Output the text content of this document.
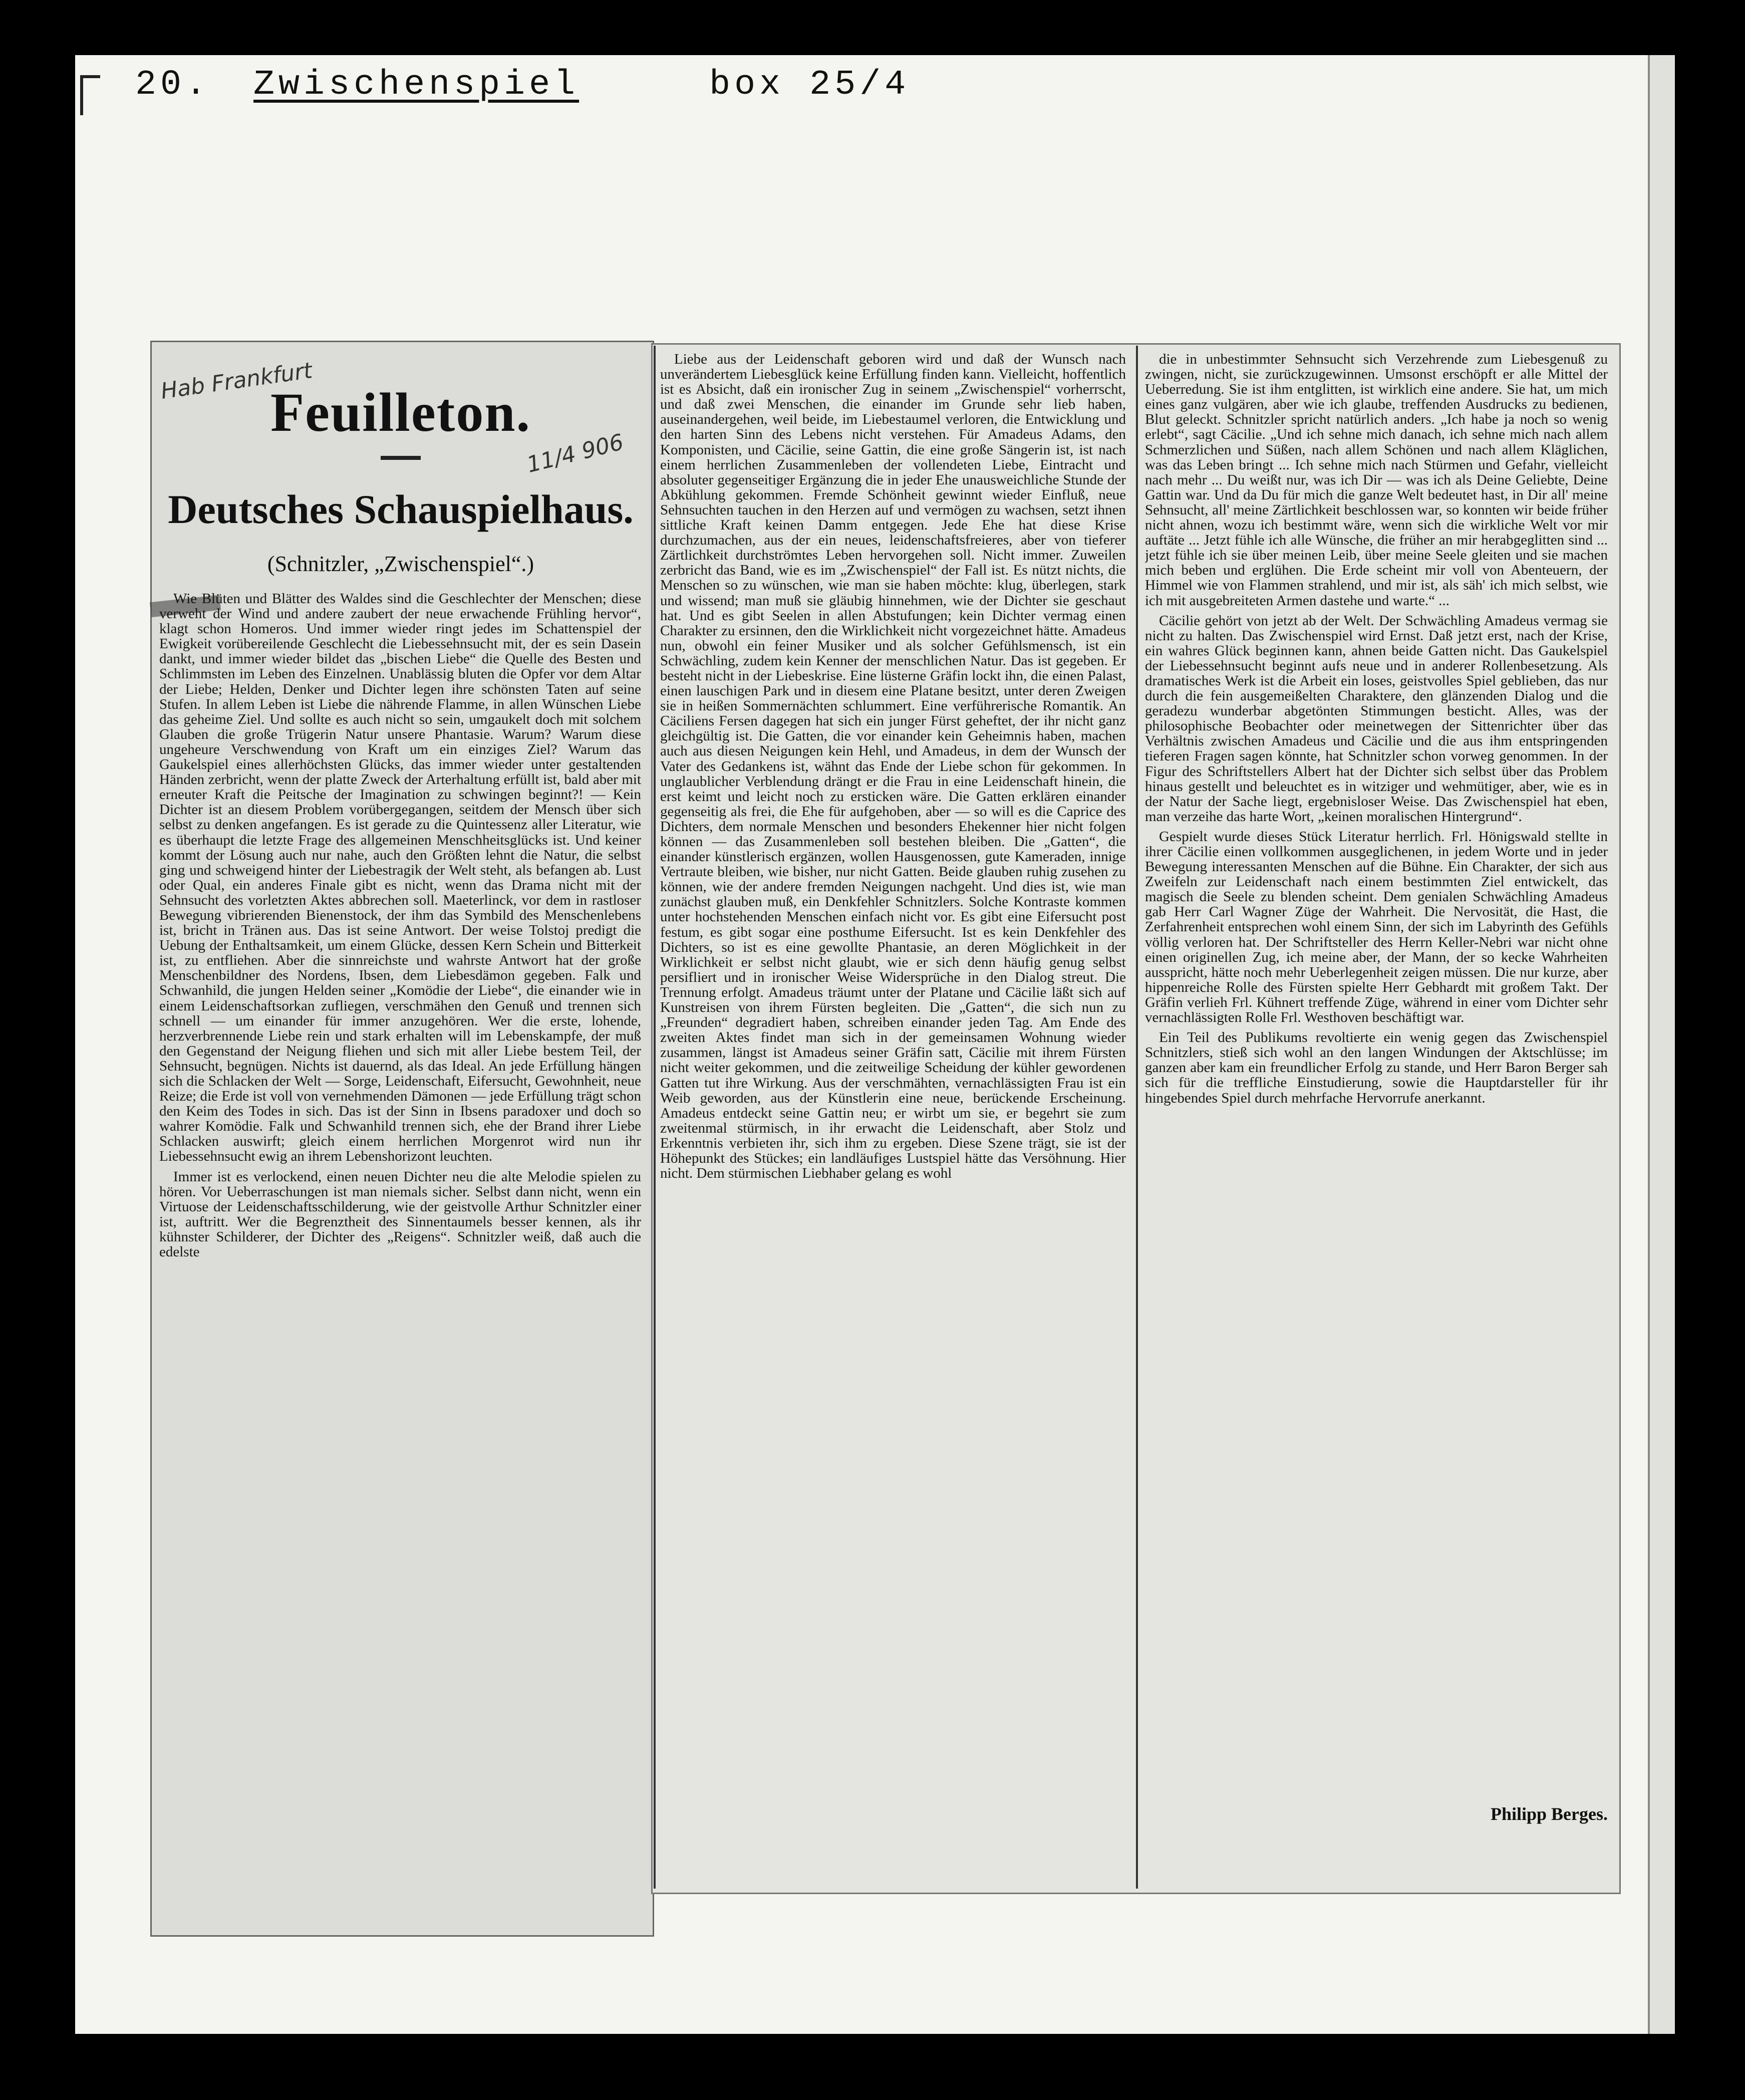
20. Zwischenspiel	box 25/4
Hab Frankfurt
11/4 906
Feuilleton.
Deutsches Schauspielhaus.
(Schnitzler, „Zwischenspiel“.)

Wie Blüten und Blätter des Waldes sind die Geschlechter der Menschen; diese verweht der Wind und andere zaubert der neue erwachende Frühling hervor“, klagt schon Homeros. Und immer wieder ringt jedes im Schattenspiel der Ewigkeit vorübereilende Geschlecht die Liebessehnsucht mit, der es sein Dasein dankt, und immer wieder bildet das „bischen Liebe“ die Quelle des Besten und Schlimmsten im Leben des Einzelnen. Unablässig bluten die Opfer vor dem Altar der Liebe; Helden, Denker und Dichter legen ihre schönsten Taten auf seine Stufen. In allem Leben ist Liebe die nährende Flamme, in allen Wünschen Liebe das geheime Ziel. Und sollte es auch nicht so sein, umgaukelt doch mit solchem Glauben die große Trügerin Natur unsere Phantasie. Warum? Warum diese ungeheure Verschwendung von Kraft um ein einziges Ziel? Warum das Gaukelspiel eines allerhöchsten Glücks, das immer wieder unter gestaltenden Händen zerbricht, wenn der platte Zweck der Arterhaltung erfüllt ist, bald aber mit erneuter Kraft die Peitsche der Imagination zu schwingen beginnt?! — Kein Dichter ist an diesem Problem vorübergegangen, seitdem der Mensch über sich selbst zu denken angefangen. Es ist gerade zu die Quintessenz aller Literatur, wie es überhaupt die letzte Frage des allgemeinen Menschheitsglücks ist. Und keiner kommt der Lösung auch nur nahe, auch den Größten lehnt die Natur, die selbst ging und schweigend hinter der Liebestragik der Welt steht, als befangen ab. Lust oder Qual, ein anderes Finale gibt es nicht, wenn das Drama nicht mit der Sehnsucht des vorletzten Aktes abbrechen soll. Maeterlinck, vor dem in rastloser Bewegung vibrierenden Bienenstock, der ihm das Symbild des Menschenlebens ist, bricht in Tränen aus. Das ist seine Antwort. Der weise Tolstoj predigt die Uebung der Enthaltsamkeit, um einem Glücke, dessen Kern Schein und Bitterkeit ist, zu entfliehen. Aber die sinnreichste und wahrste Antwort hat der große Menschenbildner des Nordens, Ibsen, dem Liebesdämon gegeben. Falk und Schwanhild, die jungen Helden seiner „Komödie der Liebe“, die einander wie in einem Leidenschaftsorkan zufliegen, verschmähen den Genuß und trennen sich schnell — um einander für immer anzugehören. Wer die erste, lohende, herzverbrennende Liebe rein und stark erhalten will im Lebenskampfe, der muß den Gegenstand der Neigung fliehen und sich mit aller Liebe bestem Teil, der Sehnsucht, begnügen. Nichts ist dauernd, als das Ideal. An jede Erfüllung hängen sich die Schlacken der Welt — Sorge, Leidenschaft, Eifersucht, Gewohnheit, neue Reize; die Erde ist voll von vernehmenden Dämonen — jede Erfüllung trägt schon den Keim des Todes in sich. Das ist der Sinn in Ibsens paradoxer und doch so wahrer Komödie. Falk und Schwanhild trennen sich, ehe der Brand ihrer Liebe Schlacken auswirft; gleich einem herrlichen Morgenrot wird nun ihr Liebessehnsucht ewig an ihrem Lebenshorizont leuchten.

Immer ist es verlockend, einen neuen Dichter neu die alte Melodie spielen zu hören. Vor Ueberraschungen ist man niemals sicher. Selbst dann nicht, wenn ein Virtuose der Leidenschaftsschilderung, wie der geistvolle Arthur Schnitzler einer ist, auftritt. Wer die Begrenztheit des Sinnentaumels besser kennen, als ihr kühnster Schilderer, der Dichter des „Reigens“. Schnitzler weiß, daß auch die edelste

Liebe aus der Leidenschaft geboren wird und daß der Wunsch nach unverändertem Liebesglück keine Erfüllung finden kann. Vielleicht, hoffentlich ist es Absicht, daß ein ironischer Zug in seinem „Zwischenspiel“ vorherrscht, und daß zwei Menschen, die einander im Grunde sehr lieb haben, auseinandergehen, weil beide, im Liebestaumel verloren, die Entwicklung und den harten Sinn des Lebens nicht verstehen. Für Amadeus Adams, den Komponisten, und Cäcilie, seine Gattin, die eine große Sängerin ist, ist nach einem herrlichen Zusammenleben der vollendeten Liebe, Eintracht und absoluter gegenseitiger Ergänzung die in jeder Ehe unausweichliche Stunde der Abkühlung gekommen. Fremde Schönheit gewinnt wieder Einfluß, neue Sehnsuchten tauchen in den Herzen auf und vermögen zu wachsen, setzt ihnen sittliche Kraft keinen Damm entgegen. Jede Ehe hat diese Krise durchzumachen, aus der ein neues, leidenschaftsfreieres, aber von tieferer Zärtlichkeit durchströmtes Leben hervorgehen soll. Nicht immer. Zuweilen zerbricht das Band, wie es im „Zwischenspiel“ der Fall ist. Es nützt nichts, die Menschen so zu wünschen, wie man sie haben möchte: klug, überlegen, stark und wissend; man muß sie gläubig hinnehmen, wie der Dichter sie geschaut hat. Und es gibt Seelen in allen Abstufungen; kein Dichter vermag einen Charakter zu ersinnen, den die Wirklichkeit nicht vorgezeichnet hätte. Amadeus nun, obwohl ein feiner Musiker und als solcher Gefühlsmensch, ist ein Schwächling, zudem kein Kenner der menschlichen Natur. Das ist gegeben. Er besteht nicht in der Liebeskrise. Eine lüsterne Gräfin lockt ihn, die einen Palast, einen lauschigen Park und in diesem eine Platane besitzt, unter deren Zweigen sie in heißen Sommernächten schlummert. Eine verführerische Romantik. An Cäciliens Fersen dagegen hat sich ein junger Fürst geheftet, der ihr nicht ganz gleichgültig ist. Die Gatten, die vor einander kein Geheimnis haben, machen auch aus diesen Neigungen kein Hehl, und Amadeus, in dem der Wunsch der Vater des Gedankens ist, wähnt das Ende der Liebe schon für gekommen. In unglaublicher Verblendung drängt er die Frau in eine Leidenschaft hinein, die erst keimt und leicht noch zu ersticken wäre. Die Gatten erklären einander gegenseitig als frei, die Ehe für aufgehoben, aber — so will es die Caprice des Dichters, dem normale Menschen und besonders Ehekenner hier nicht folgen können — das Zusammenleben soll bestehen bleiben. Die „Gatten“, die einander künstlerisch ergänzen, wollen Hausgenossen, gute Kameraden, innige Vertraute bleiben, wie bisher, nur nicht Gatten. Beide glauben ruhig zusehen zu können, wie der andere fremden Neigungen nachgeht. Und dies ist, wie man zunächst glauben muß, ein Denkfehler Schnitzlers. Solche Kontraste kommen unter hochstehenden Menschen einfach nicht vor. Es gibt eine Eifersucht post festum, es gibt sogar eine posthume Eifersucht. Ist es kein Denkfehler des Dichters, so ist es eine gewollte Phantasie, an deren Möglichkeit in der Wirklichkeit er selbst nicht glaubt, wie er sich denn häufig genug selbst persifliert und in ironischer Weise Widersprüche in den Dialog streut. Die Trennung erfolgt. Amadeus träumt unter der Platane und Cäcilie läßt sich auf Kunstreisen von ihrem Fürsten begleiten. Die „Gatten“, die sich nun zu „Freunden“ degradiert haben, schreiben einander jeden Tag. Am Ende des zweiten Aktes findet man sich in der gemeinsamen Wohnung wieder zusammen, längst ist Amadeus seiner Gräfin satt, Cäcilie mit ihrem Fürsten nicht weiter gekommen, und die zeitweilige Scheidung der kühler gewordenen Gatten tut ihre Wirkung. Aus der verschmähten, vernachlässigten Frau ist ein Weib geworden, aus der Künstlerin eine neue, berückende Erscheinung. Amadeus entdeckt seine Gattin neu; er wirbt um sie, er begehrt sie zum zweitenmal stürmisch, in ihr erwacht die Leidenschaft, aber Stolz und Erkenntnis verbieten ihr, sich ihm zu ergeben. Diese Szene trägt, sie ist der Höhepunkt des Stückes; ein landläufiges Lustspiel hätte das Versöhnung. Hier nicht. Dem stürmischen Liebhaber gelang es wohl

die in unbestimmter Sehnsucht sich Verzehrende zum Liebesgenuß zu zwingen, nicht, sie zurückzugewinnen. Umsonst erschöpft er alle Mittel der Ueberredung. Sie ist ihm entglitten, ist wirklich eine andere. Sie hat, um mich eines ganz vulgären, aber wie ich glaube, treffenden Ausdrucks zu bedienen, Blut geleckt. Schnitzler spricht natürlich anders. „Ich habe ja noch so wenig erlebt“, sagt Cäcilie. „Und ich sehne mich danach, ich sehne mich nach allem Schmerzlichen und Süßen, nach allem Schönen und nach allem Kläglichen, was das Leben bringt ... Ich sehne mich nach Stürmen und Gefahr, vielleicht nach mehr ... Du weißt nur, was ich Dir — was ich als Deine Geliebte, Deine Gattin war. Und da Du für mich die ganze Welt bedeutet hast, in Dir all' meine Sehnsucht, all' meine Zärtlichkeit beschlossen war, so konnten wir beide früher nicht ahnen, wozu ich bestimmt wäre, wenn sich die wirkliche Welt vor mir auftäte ... Jetzt fühle ich alle Wünsche, die früher an mir herabgeglitten sind ... jetzt fühle ich sie über meinen Leib, über meine Seele gleiten und sie machen mich beben und erglühen. Die Erde scheint mir voll von Abenteuern, der Himmel wie von Flammen strahlend, und mir ist, als säh' ich mich selbst, wie ich mit ausgebreiteten Armen dastehe und warte.“ ...

Cäcilie gehört von jetzt ab der Welt. Der Schwächling Amadeus vermag sie nicht zu halten. Das Zwischenspiel wird Ernst. Daß jetzt erst, nach der Krise, ein wahres Glück beginnen kann, ahnen beide Gatten nicht. Das Gaukelspiel der Liebessehnsucht beginnt aufs neue und in anderer Rollenbesetzung. Als dramatisches Werk ist die Arbeit ein loses, geistvolles Spiel geblieben, das nur durch die fein ausgemeißelten Charaktere, den glänzenden Dialog und die geradezu wunderbar abgetönten Stimmungen besticht. Alles, was der philosophische Beobachter oder meinetwegen der Sittenrichter über das Verhältnis zwischen Amadeus und Cäcilie und die aus ihm entspringenden tieferen Fragen sagen könnte, hat Schnitzler schon vorweg genommen. In der Figur des Schriftstellers Albert hat der Dichter sich selbst über das Problem hinaus gestellt und beleuchtet es in witziger und wehmütiger, aber, wie es in der Natur der Sache liegt, ergebnisloser Weise. Das Zwischenspiel hat eben, man verzeihe das harte Wort, „keinen moralischen Hintergrund“.

Gespielt wurde dieses Stück Literatur herrlich. Frl. Hönigswald stellte in ihrer Cäcilie einen vollkommen ausgeglichenen, in jedem Worte und in jeder Bewegung interessanten Menschen auf die Bühne. Ein Charakter, der sich aus Zweifeln zur Leidenschaft nach einem bestimmten Ziel entwickelt, das magisch die Seele zu blenden scheint. Dem genialen Schwächling Amadeus gab Herr Carl Wagner Züge der Wahrheit. Die Nervosität, die Hast, die Zerfahrenheit entsprechen wohl einem Sinn, der sich im Labyrinth des Gefühls völlig verloren hat. Der Schriftsteller des Herrn Keller-Nebri war nicht ohne einen originellen Zug, ich meine aber, der Mann, der so kecke Wahrheiten ausspricht, hätte noch mehr Ueberlegenheit zeigen müssen. Die nur kurze, aber hippenreiche Rolle des Fürsten spielte Herr Gebhardt mit großem Takt. Der Gräfin verlieh Frl. Kühnert treffende Züge, während in einer vom Dichter sehr vernachlässigten Rolle Frl. Westhoven beschäftigt war.

Ein Teil des Publikums revoltierte ein wenig gegen das Zwischenspiel Schnitzlers, stieß sich wohl an den langen Windungen der Aktschlüsse; im ganzen aber kam ein freundlicher Erfolg zu stande, und Herr Baron Berger sah sich für die treffliche Einstudierung, sowie die Hauptdarsteller für ihr hingebendes Spiel durch mehrfache Hervorrufe anerkannt.

Philipp Berges.
